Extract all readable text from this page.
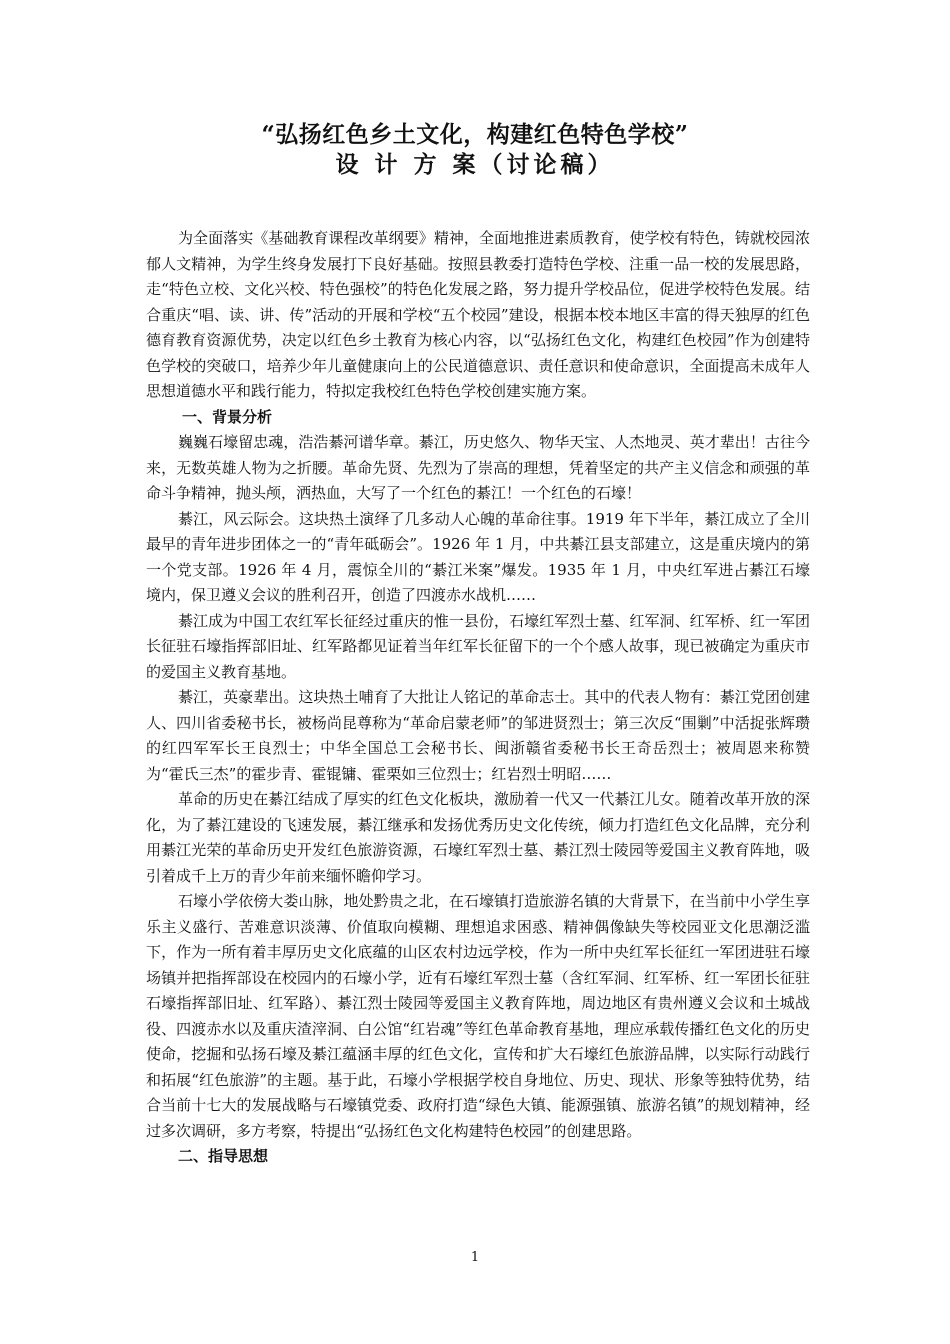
“弘扬红色乡土文化，构建红色特色学校”
设 计 方 案（讨论稿）

为全面落实《基础教育课程改革纲要》精神，全面地推进素质教育，使学校有特色，铸就校园浓郁人文精神，为学生终身发展打下良好基础。按照县教委打造特色学校、注重一品一校的发展思路，走“特色立校、文化兴校、特色强校”的特色化发展之路，努力提升学校品位，促进学校特色发展。结合重庆“唱、读、讲、传”活动的开展和学校“五个校园”建设，根据本校本地区丰富的得天独厚的红色德育教育资源优势，决定以红色乡土教育为核心内容，以“弘扬红色文化，构建红色校园”作为创建特色学校的突破口，培养少年儿童健康向上的公民道德意识、责任意识和使命意识，全面提高未成年人思想道德水平和践行能力，特拟定我校红色特色学校创建实施方案。

一、背景分析

巍巍石壕留忠魂，浩浩綦河谱华章。綦江，历史悠久、物华天宝、人杰地灵、英才辈出！古往今来，无数英雄人物为之折腰。革命先贤、先烈为了崇高的理想，凭着坚定的共产主义信念和顽强的革命斗争精神，抛头颅，洒热血，大写了一个红色的綦江！一个红色的石壕！

綦江，风云际会。这块热土演绎了几多动人心魄的革命往事。1919 年下半年，綦江成立了全川最早的青年进步团体之一的“青年砥砺会”。1926 年 1 月，中共綦江县支部建立，这是重庆境内的第一个党支部。1926 年 4 月，震惊全川的“綦江米案”爆发。1935 年 1 月，中央红军进占綦江石壕境内，保卫遵义会议的胜利召开，创造了四渡赤水战机……

綦江成为中国工农红军长征经过重庆的惟一县份，石壕红军烈士墓、红军洞、红军桥、红一军团长征驻石壕指挥部旧址、红军路都见证着当年红军长征留下的一个个感人故事，现已被确定为重庆市的爱国主义教育基地。

綦江，英豪辈出。这块热土哺育了大批让人铭记的革命志士。其中的代表人物有：綦江党团创建人、四川省委秘书长，被杨尚昆尊称为“革命启蒙老师”的邹进贤烈士；第三次反“围剿”中活捉张辉瓒的红四军军长王良烈士；中华全国总工会秘书长、闽浙赣省委秘书长王奇岳烈士；被周恩来称赞为“霍氏三杰”的霍步青、霍锟镛、霍栗如三位烈士；红岩烈士明昭……

革命的历史在綦江结成了厚实的红色文化板块，激励着一代又一代綦江儿女。随着改革开放的深化，为了綦江建设的飞速发展，綦江继承和发扬优秀历史文化传统，倾力打造红色文化品牌，充分利用綦江光荣的革命历史开发红色旅游资源，石壕红军烈士墓、綦江烈士陵园等爱国主义教育阵地，吸引着成千上万的青少年前来缅怀瞻仰学习。

石壕小学依傍大娄山脉，地处黔贵之北，在石壕镇打造旅游名镇的大背景下，在当前中小学生享乐主义盛行、苦难意识淡薄、价值取向模糊、理想追求困惑、精神偶像缺失等校园亚文化思潮泛滥下，作为一所有着丰厚历史文化底蕴的山区农村边远学校，作为一所中央红军长征红一军团进驻石壕场镇并把指挥部设在校园内的石壕小学，近有石壕红军烈士墓（含红军洞、红军桥、红一军团长征驻石壕指挥部旧址、红军路）、綦江烈士陵园等爱国主义教育阵地，周边地区有贵州遵义会议和土城战役、四渡赤水以及重庆渣滓洞、白公馆“红岩魂”等红色革命教育基地，理应承载传播红色文化的历史使命，挖掘和弘扬石壕及綦江蕴涵丰厚的红色文化，宣传和扩大石壕红色旅游品牌，以实际行动践行和拓展“红色旅游”的主题。基于此，石壕小学根据学校自身地位、历史、现状、形象等独特优势，结合当前十七大的发展战略与石壕镇党委、政府打造“绿色大镇、能源强镇、旅游名镇”的规划精神，经过多次调研，多方考察，特提出“弘扬红色文化构建特色校园”的创建思路。

二、指导思想
1
